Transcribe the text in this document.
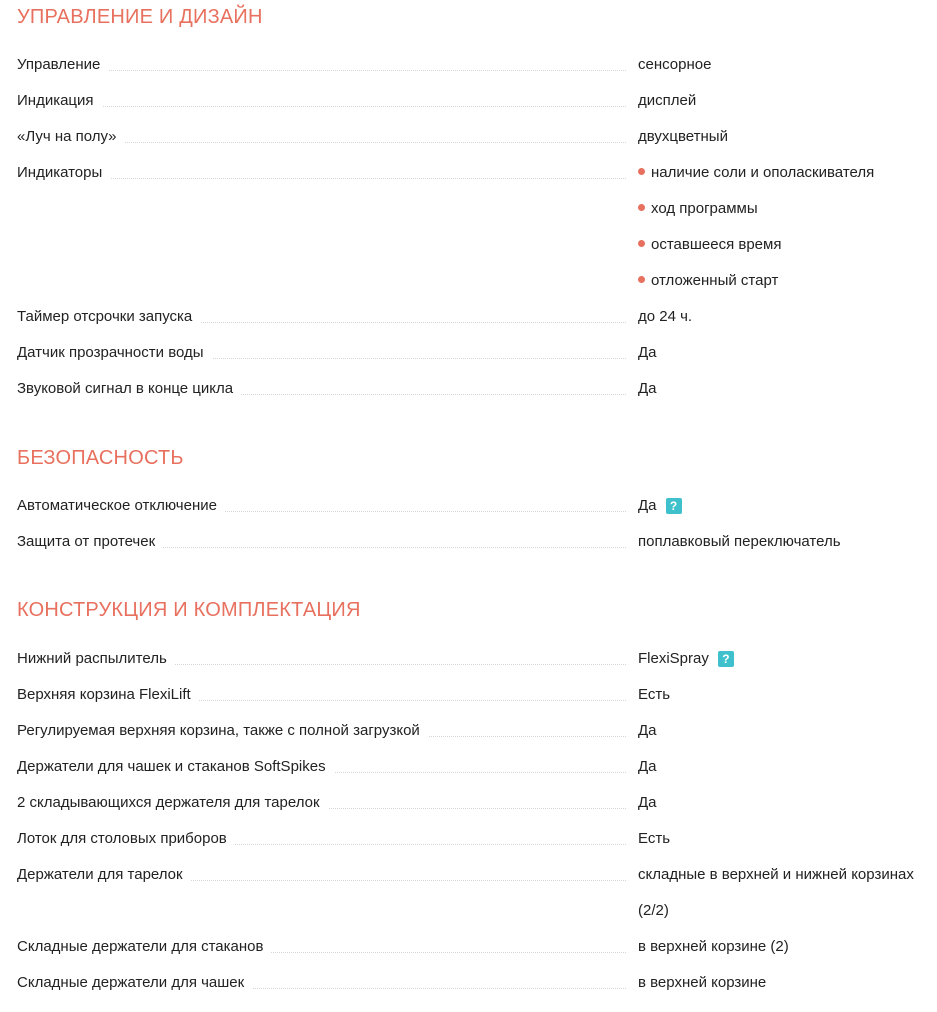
УПРАВЛЕНИЕ И ДИЗАЙН
Управление	сенсорное
Индикация	дисплей
«Луч на полу»	двухцветный
Индикаторы	наличие соли и ополаскивателя
ход программы
оставшееся время
отложенный старт
Таймер отсрочки запуска	до 24 ч.
Датчик прозрачности воды	Да
Звуковой сигнал в конце цикла	Да
БЕЗОПАСНОСТЬ
Автоматическое отключение	Да ?
Защита от протечек	поплавковый переключатель
КОНСТРУКЦИЯ И КОМПЛЕКТАЦИЯ
Нижний распылитель	FlexiSpray ?
Верхняя корзина FlexiLift	Есть
Регулируемая верхняя корзина, также с полной загрузкой	Да
Держатели для чашек и стаканов SoftSpikes	Да
2 складывающихся держателя для тарелок	Да
Лоток для столовых приборов	Есть
Держатели для тарелок	складные в верхней и нижней корзинах
(2/2)
Складные держатели для стаканов	в верхней корзине (2)
Складные держатели для чашек	в верхней корзине
